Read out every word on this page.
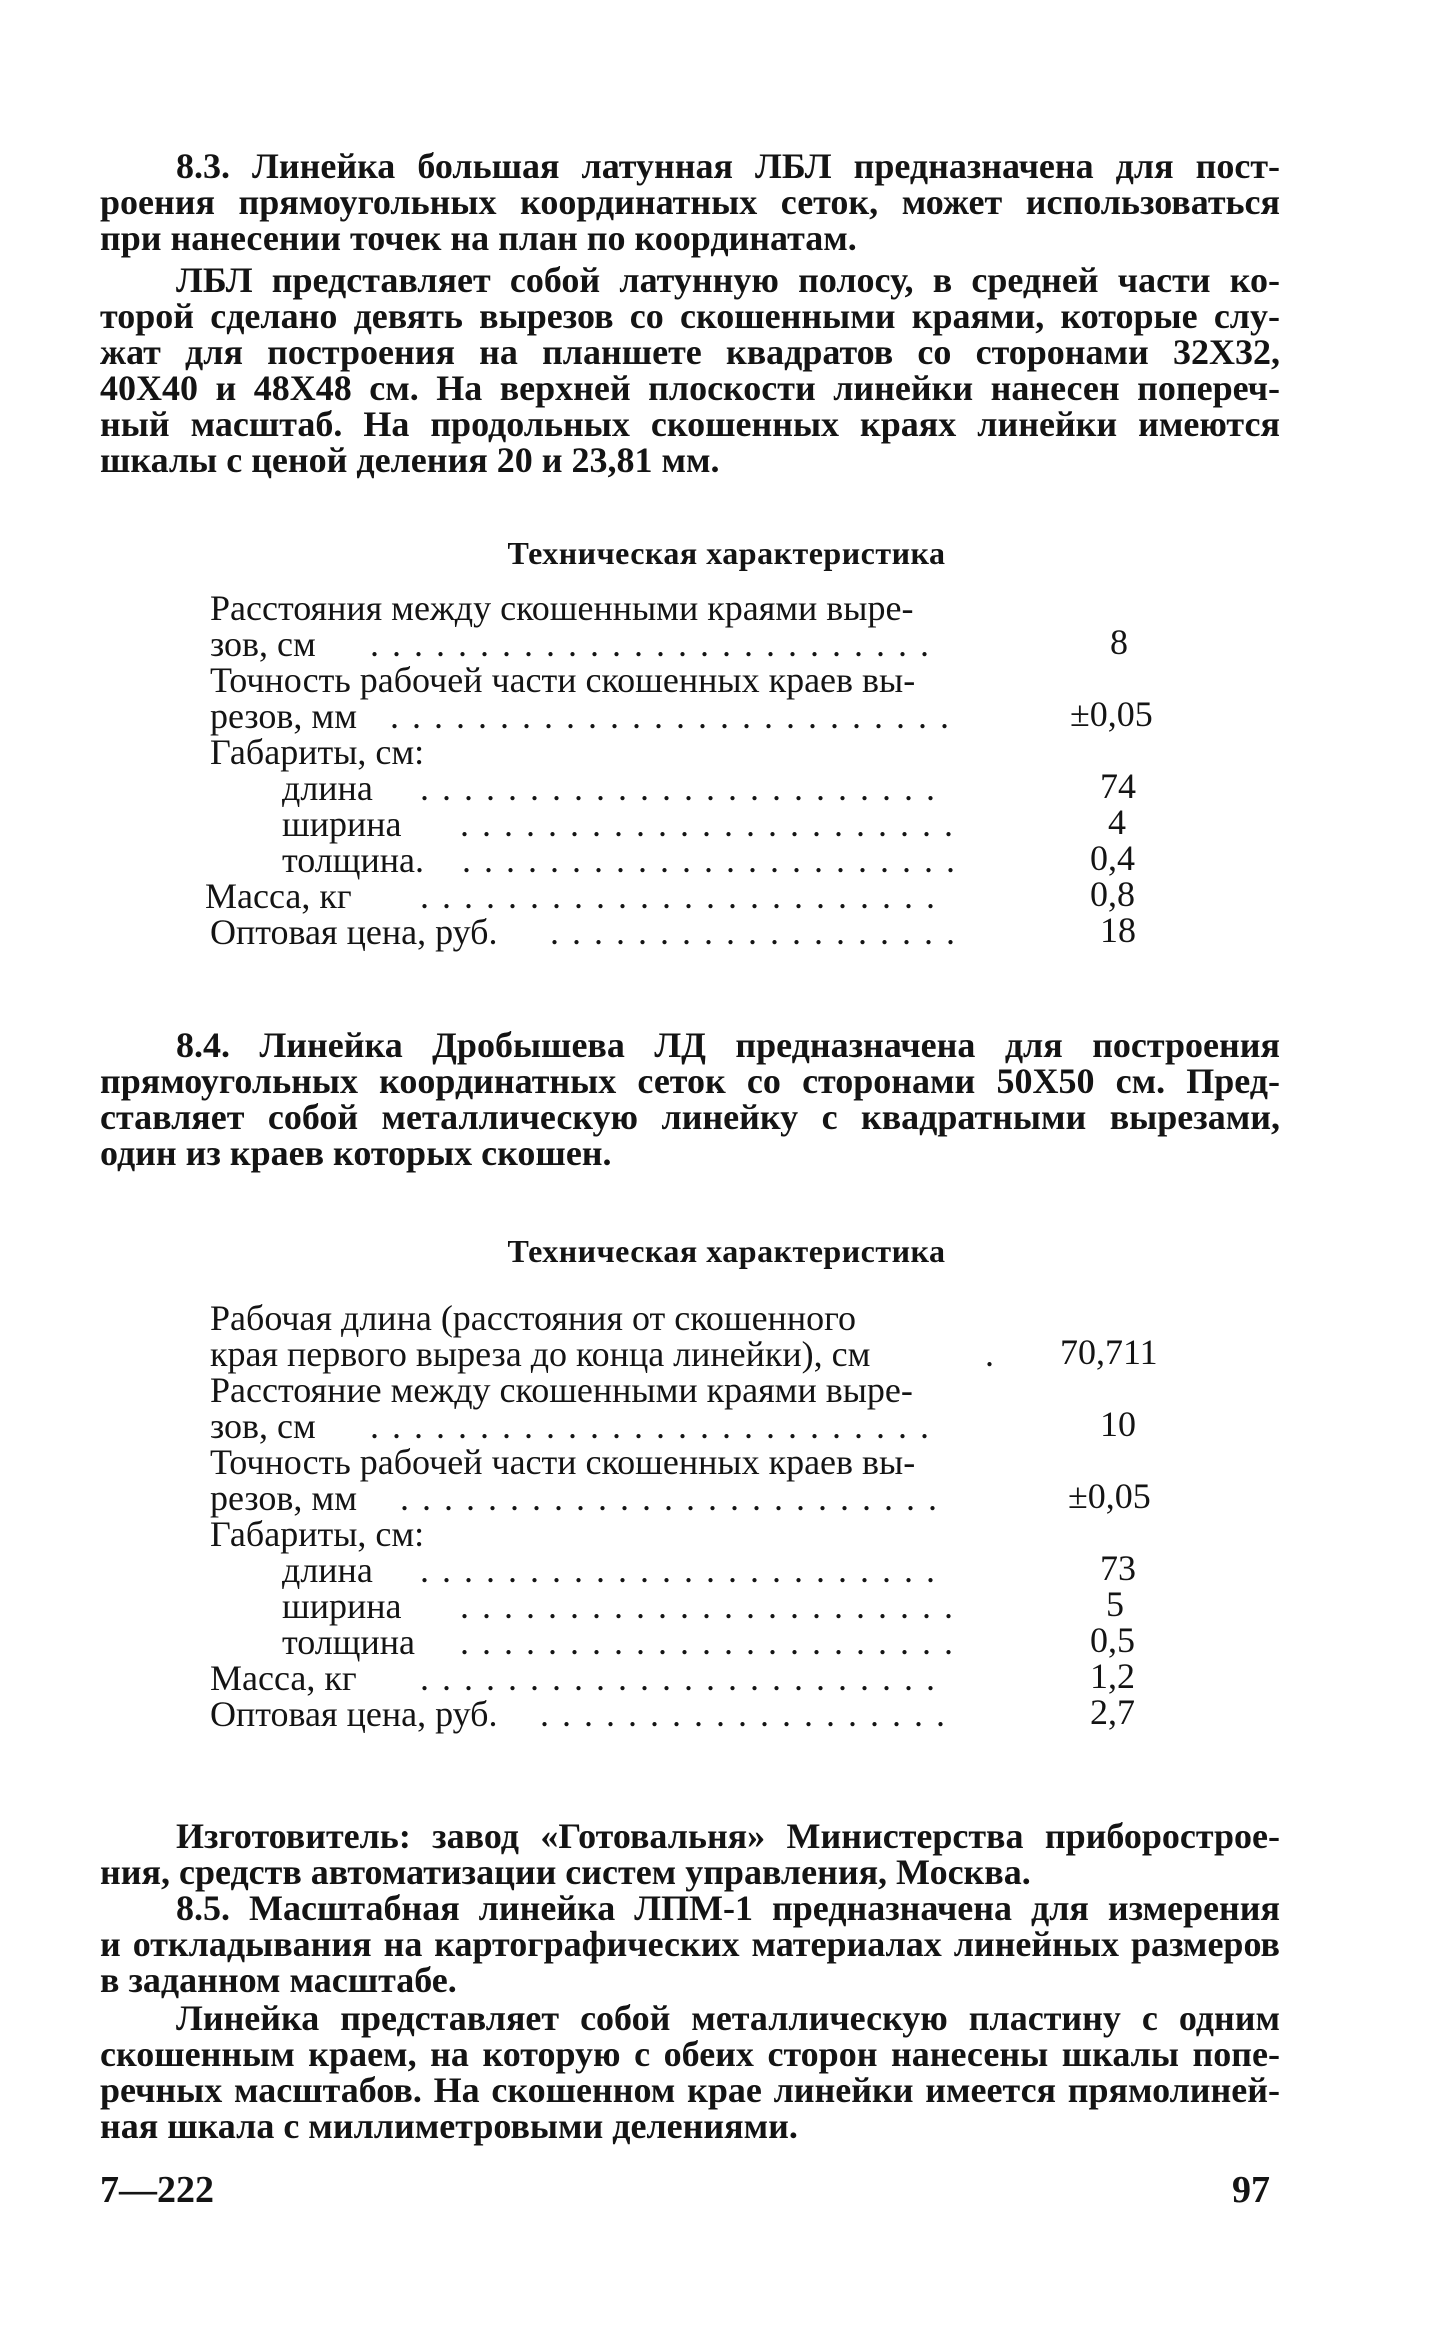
8.3. Линейка большая латунная ЛБЛ предназначена для пост-
роения прямоугольных координатных сеток, может использоваться
при нанесении точек на план по координатам.
ЛБЛ представляет собой латунную полосу, в средней части ко-
торой сделано девять вырезов со скошенными краями, которые слу-
жат для построения на планшете квадратов со сторонами 32Х32,
40Х40 и 48Х48 см. На верхней плоскости линейки нанесен попереч-
ный масштаб. На продольных скошенных краях линейки имеются
шкалы с ценой деления 20 и 23,81 мм.
Техническая характеристика
Расстояния между скошенными краями выре-
зов, см . . . . . . . . . . . . . . . . . . . . . . . . . .	8
Точность рабочей части скошенных краев вы-
резов, мм . . . . . . . . . . . . . . . . . . . . . . . . . .	±0,05
Габариты, см:
длина . . . . . . . . . . . . . . . . . . . . . . . .	74
ширина . . . . . . . . . . . . . . . . . . . . . . .	4
толщина. . . . . . . . . . . . . . . . . . . . . . . .	0,4
Масса, кг . . . . . . . . . . . . . . . . . . . . . . . .	0,8
Оптовая цена, руб. . . . . . . . . . . . . . . . . . . .	18
8.4. Линейка Дробышева ЛД предназначена для построения
прямоугольных координатных сеток со сторонами 50Х50 см. Пред-
ставляет собой металлическую линейку с квадратными вырезами,
один из краев которых скошен.
Техническая характеристика
Рабочая длина (расстояния от скошенного
края первого выреза до конца линейки), см	.	70,711
Расстояние между скошенными краями выре-
зов, см . . . . . . . . . . . . . . . . . . . . . . . . . .	10
Точность рабочей части скошенных краев вы-
резов, мм . . . . . . . . . . . . . . . . . . . . . . . . .	±0,05
Габариты, см:
длина . . . . . . . . . . . . . . . . . . . . . . . .	73
ширина . . . . . . . . . . . . . . . . . . . . . . .	5
толщина . . . . . . . . . . . . . . . . . . . . . . .	0,5
Масса, кг . . . . . . . . . . . . . . . . . . . . . . . .	1,2
Оптовая цена, руб. . . . . . . . . . . . . . . . . . . .	2,7
Изготовитель: завод «Готовальня» Министерства приборострое-
ния, средств автоматизации систем управления, Москва.
8.5. Масштабная линейка ЛПМ-1 предназначена для измерения
и откладывания на картографических материалах линейных размеров
в заданном масштабе.
Линейка представляет собой металлическую пластину с одним
скошенным краем, на которую с обеих сторон нанесены шкалы попе-
речных масштабов. На скошенном крае линейки имеется прямолиней-
ная шкала с миллиметровыми делениями.
7—222	97
